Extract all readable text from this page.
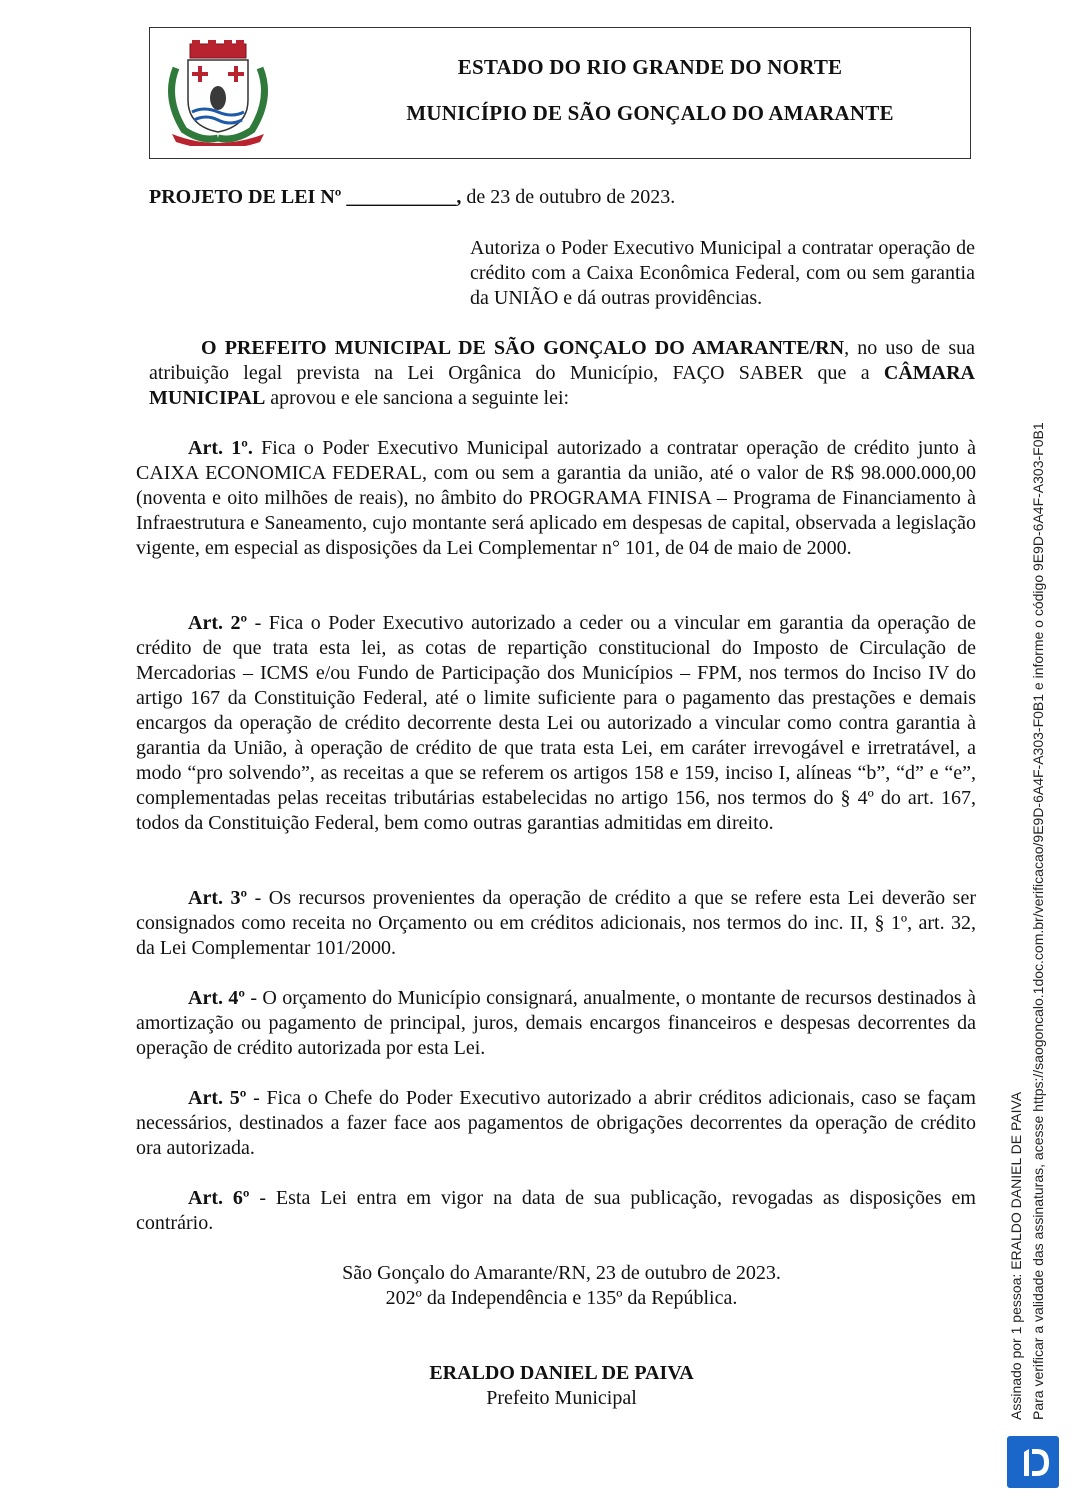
ESTADO DO RIO GRANDE DO NORTE
MUNICÍPIO DE SÃO GONÇALO DO AMARANTE
PROJETO DE LEI Nº ___________, de 23 de outubro de 2023.
Autoriza o Poder Executivo Municipal a contratar operação de crédito com a Caixa Econômica Federal, com ou sem garantia da UNIÃO e dá outras providências.
O PREFEITO MUNICIPAL DE SÃO GONÇALO DO AMARANTE/RN, no uso de sua atribuição legal prevista na Lei Orgânica do Município, FAÇO SABER que a CÂMARA MUNICIPAL aprovou e ele sanciona a seguinte lei:
Art. 1º. Fica o Poder Executivo Municipal autorizado a contratar operação de crédito junto à CAIXA ECONOMICA FEDERAL, com ou sem a garantia da união, até o valor de R$ 98.000.000,00 (noventa e oito milhões de reais), no âmbito do PROGRAMA FINISA – Programa de Financiamento à Infraestrutura e Saneamento, cujo montante será aplicado em despesas de capital, observada a legislação vigente, em especial as disposições da Lei Complementar n° 101, de 04 de maio de 2000.
Art. 2º - Fica o Poder Executivo autorizado a ceder ou a vincular em garantia da operação de crédito de que trata esta lei, as cotas de repartição constitucional do Imposto de Circulação de Mercadorias – ICMS e/ou Fundo de Participação dos Municípios – FPM, nos termos do Inciso IV do artigo 167 da Constituição Federal, até o limite suficiente para o pagamento das prestações e demais encargos da operação de crédito decorrente desta Lei ou autorizado a vincular como contra garantia à garantia da União, à operação de crédito de que trata esta Lei, em caráter irrevogável e irretratável, a modo “pro solvendo”, as receitas a que se referem os artigos 158 e 159, inciso I, alíneas “b”, “d” e “e”, complementadas pelas receitas tributárias estabelecidas no artigo 156, nos termos do § 4º do art. 167, todos da Constituição Federal, bem como outras garantias admitidas em direito.
Art. 3º - Os recursos provenientes da operação de crédito a que se refere esta Lei deverão ser consignados como receita no Orçamento ou em créditos adicionais, nos termos do inc. II, § 1º, art. 32, da Lei Complementar 101/2000.
Art. 4º - O orçamento do Município consignará, anualmente, o montante de recursos destinados à amortização ou pagamento de principal, juros, demais encargos financeiros e despesas decorrentes da operação de crédito autorizada por esta Lei.
Art. 5º - Fica o Chefe do Poder Executivo autorizado a abrir créditos adicionais, caso se façam necessários, destinados a fazer face aos pagamentos de obrigações decorrentes da operação de crédito ora autorizada.
Art. 6º - Esta Lei entra em vigor na data de sua publicação, revogadas as disposições em contrário.
São Gonçalo do Amarante/RN, 23 de outubro de 2023.
202º da Independência e 135º da República.
ERALDO DANIEL DE PAIVA
Prefeito Municipal	Assinado por 1 pessoa: ERALDO DANIEL DE PAIVA Para verificar a validade das assinaturas, acesse https://saogoncalo.1doc.com.br/verificacao/9E9D-6A4F-A303-F0B1 e informe o código 9E9D-6A4F-A303-F0B1
